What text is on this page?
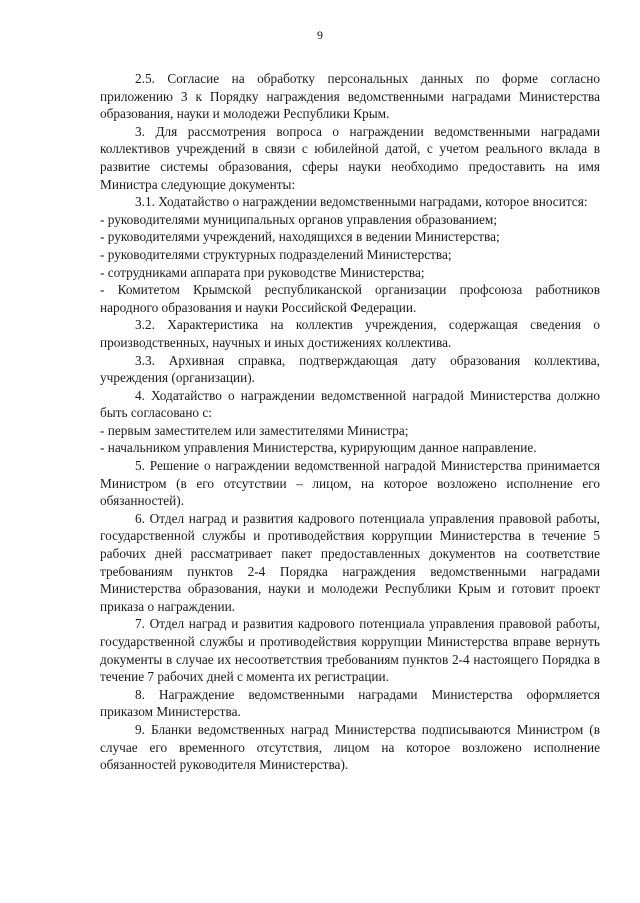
9

2.5. Согласие на обработку персональных данных по форме согласно приложению 3 к Порядку награждения ведомственными наградами Министерства образования, науки и молодежи Республики Крым.

3. Для рассмотрения вопроса о награждении ведомственными наградами коллективов учреждений в связи с юбилейной датой, с учетом реального вклада в развитие системы образования, сферы науки необходимо предоставить на имя Министра следующие документы:

3.1. Ходатайство о награждении ведомственными наградами, которое вносится:

- руководителями муниципальных органов управления образованием;

- руководителями учреждений, находящихся в ведении Министерства;

- руководителями структурных подразделений Министерства;

- сотрудниками аппарата при руководстве Министерства;

- Комитетом Крымской республиканской организации профсоюза работников народного образования и науки Российской Федерации.

3.2. Характеристика на коллектив учреждения, содержащая сведения о производственных, научных и иных достижениях коллектива.

3.3. Архивная справка, подтверждающая дату образования коллектива, учреждения (организации).

4. Ходатайство о награждении ведомственной наградой Министерства должно быть согласовано с:

- первым заместителем или заместителями Министра;

- начальником управления Министерства, курирующим данное направление.

5. Решение о награждении ведомственной наградой Министерства принимается Министром (в его отсутствии – лицом, на которое возложено исполнение его обязанностей).

6. Отдел наград и развития кадрового потенциала управления правовой работы, государственной службы и противодействия коррупции Министерства в течение 5 рабочих дней рассматривает пакет предоставленных документов на соответствие требованиям пунктов 2-4 Порядка награждения ведомственными наградами Министерства образования, науки и молодежи Республики Крым и готовит проект приказа о награждении.

7. Отдел наград и развития кадрового потенциала управления правовой работы, государственной службы и противодействия коррупции Министерства вправе вернуть документы в случае их несоответствия требованиям пунктов 2-4 настоящего Порядка в течение 7 рабочих дней с момента их регистрации.

8. Награждение ведомственными наградами Министерства оформляется приказом Министерства.

9. Бланки ведомственных наград Министерства подписываются Министром (в случае его временного отсутствия, лицом на которое возложено исполнение обязанностей руководителя Министерства).
